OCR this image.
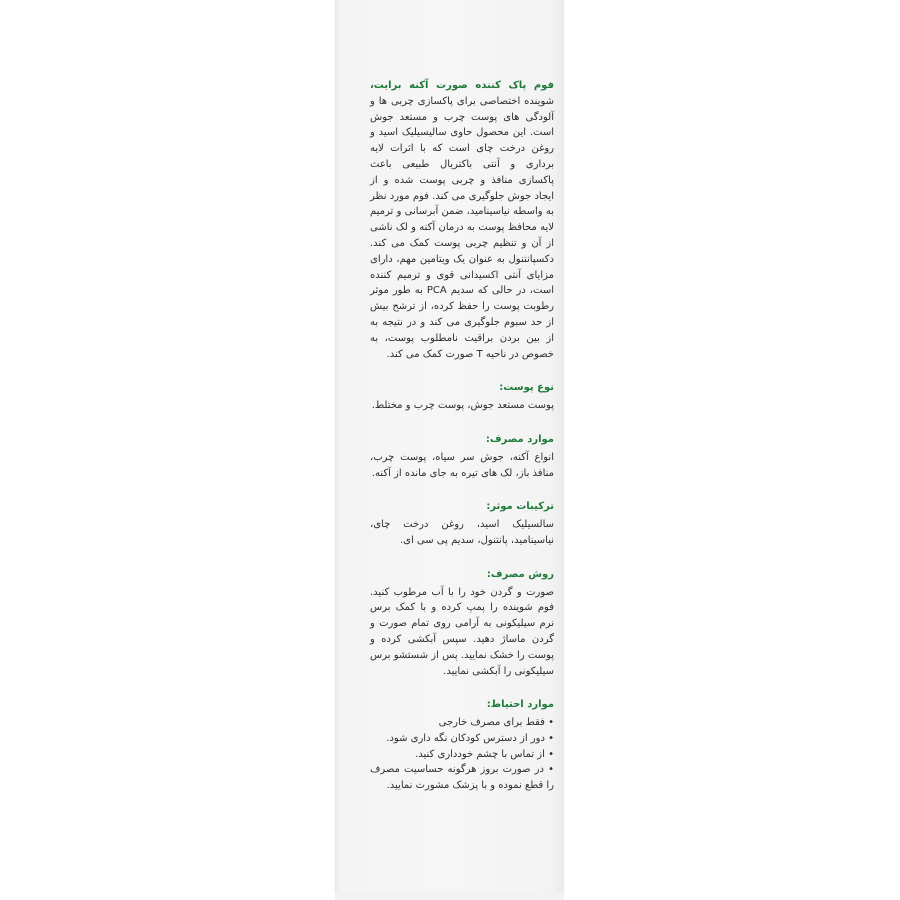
فوم پاک کننده صورت آکنه برایت، شوینده اختصاصی برای پاکسازی چربی ها و آلودگی های پوست چرب و مستعد جوش است. این محصول حاوی سالیسیلیک اسید و روغن درخت چای است که با اثرات لایه برداری و آنتی باکتریال طبیعی باعث پاکسازی منافذ و چربی پوست شده و از ایجاد جوش جلوگیری می کند. فوم مورد نظر به واسطه نیاسینامید، ضمن آبرسانی و ترمیم لایه محافظ پوست به درمان آکنه و لک ناشی از آن و تنظیم چربی پوست کمک می کند. دکسپانتنول به عنوان یک ویتامین مهم، دارای مزایای آنتی اکسیدانی قوی و ترمیم کننده است، در حالی که سدیم PCA به طور موثر رطوبت پوست را حفظ کرده، از ترشح بیش از حد سبوم جلوگیری می کند و در نتیجه به از بین بردن براقیت نامطلوب پوست، به خصوص در ناحیه T صورت کمک می کند.

نوع پوست:

پوست مستعد جوش، پوست چرب و مختلط.

موارد مصرف:

انواع آکنه، جوش سر سیاه، پوست چرب، منافذ باز، لک های تیره به جای مانده از آکنه.

ترکیبات موثر:

سالسیلیک اسید، روغن درخت چای، نیاسینامید، پانتنول، سدیم پی سی ای.

روش مصرف:

صورت و گردن خود را با آب مرطوب کنید. فوم شوینده را پمپ کرده و با کمک برس نرم سیلیکونی به آرامی روی تمام صورت و گردن ماساژ دهید. سپس آبکشی کرده و پوست را خشک نمایید. پس از شستشو برس سیلیکونی را آبکشی نمایید.

موارد احتیاط:
• فقط برای مصرف خارجی
• دور از دسترس کودکان نگه داری شود.
• از تماس با چشم خودداری کنید.
• در صورت بروز هرگونه حساسیت مصرف را قطع نموده و با پزشک مشورت نمایید.
